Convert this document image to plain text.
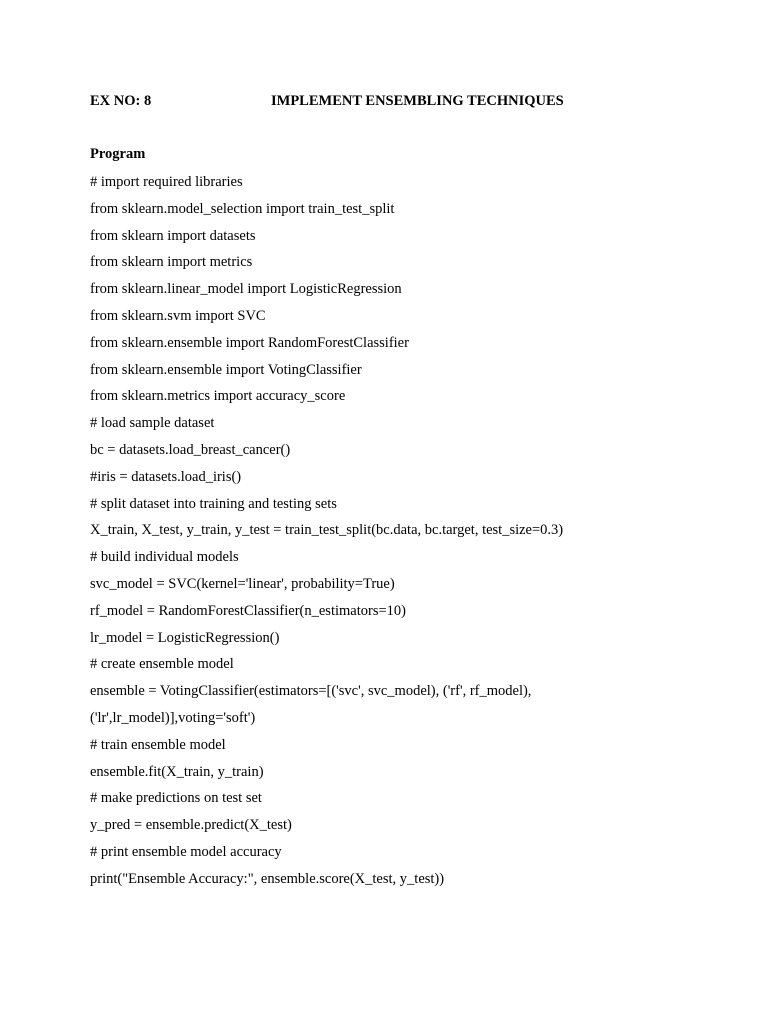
EX NO: 8	IMPLEMENT ENSEMBLING TECHNIQUES
Program
# import required libraries
from sklearn.model_selection import train_test_split
from sklearn import datasets
from sklearn import metrics
from sklearn.linear_model import LogisticRegression
from sklearn.svm import SVC
from sklearn.ensemble import RandomForestClassifier
from sklearn.ensemble import VotingClassifier
from sklearn.metrics import accuracy_score
# load sample dataset
bc = datasets.load_breast_cancer()
#iris = datasets.load_iris()
# split dataset into training and testing sets
X_train, X_test, y_train, y_test = train_test_split(bc.data, bc.target, test_size=0.3)
# build individual models
svc_model = SVC(kernel='linear', probability=True)
rf_model = RandomForestClassifier(n_estimators=10)
lr_model = LogisticRegression()
# create ensemble model
ensemble = VotingClassifier(estimators=[('svc', svc_model), ('rf', rf_model),
('lr',lr_model)],voting='soft')
# train ensemble model
ensemble.fit(X_train, y_train)
# make predictions on test set
y_pred = ensemble.predict(X_test)
# print ensemble model accuracy
print("Ensemble Accuracy:", ensemble.score(X_test, y_test))
